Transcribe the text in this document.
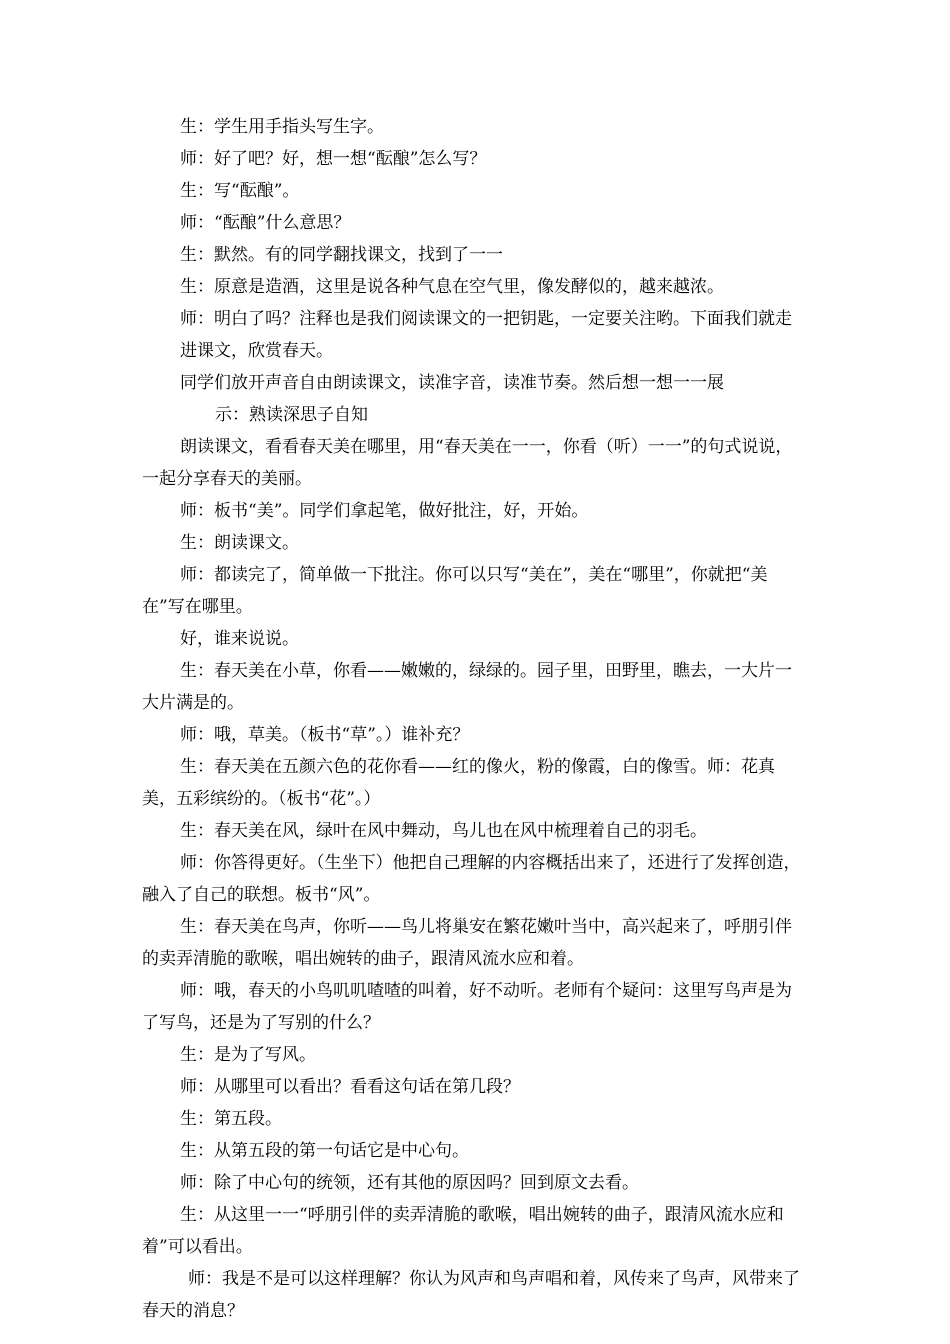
生：学生用手指头写生字。

师：好了吧？好，想一想“酝酿”怎么写？

生：写“酝酿”。

师：“酝酿”什么意思？

生：默然。有的同学翻找课文，找到了一一

生：原意是造酒，这里是说各种气息在空气里，像发酵似的，越来越浓。

师：明白了吗？注释也是我们阅读课文的一把钥匙，一定要关注哟。下面我们就走进课文，欣赏春天。

同学们放开声音自由朗读课文，读准字音，读准节奏。然后想一想一一展

示：熟读深思子自知

朗读课文，看看春天美在哪里，用“春天美在一一，你看（听）一一”的句式说说，一起分享春天的美丽。

师：板书“美”。同学们拿起笔，做好批注，好，开始。

生：朗读课文。

师：都读完了，简单做一下批注。你可以只写“美在”，美在“哪里”，你就把“美在”写在哪里。

好，谁来说说。

生：春天美在小草，你看——嫩嫩的，绿绿的。园子里，田野里，瞧去，一大片一大片满是的。

师：哦，草美。（板书“草”。）谁补充？

生：春天美在五颜六色的花你看——红的像火，粉的像霞，白的像雪。师：花真美，五彩缤纷的。（板书“花”。）

生：春天美在风，绿叶在风中舞动，鸟儿也在风中梳理着自己的羽毛。

师：你答得更好。（生坐下）他把自己理解的内容概括出来了，还进行了发挥创造，融入了自己的联想。板书“风”。

生：春天美在鸟声，你听——鸟儿将巢安在繁花嫩叶当中，高兴起来了，呼朋引伴的卖弄清脆的歌喉，唱出婉转的曲子，跟清风流水应和着。

师：哦，春天的小鸟叽叽喳喳的叫着，好不动听。老师有个疑问：这里写鸟声是为了写鸟，还是为了写别的什么？

生：是为了写风。

师：从哪里可以看出？看看这句话在第几段？

生：第五段。

生：从第五段的第一句话它是中心句。

师：除了中心句的统领，还有其他的原因吗？回到原文去看。

生：从这里一一“呼朋引伴的卖弄清脆的歌喉，唱出婉转的曲子，跟清风流水应和着”可以看出。

师：我是不是可以这样理解？你认为风声和鸟声唱和着，风传来了鸟声，风带来了春天的消息？
